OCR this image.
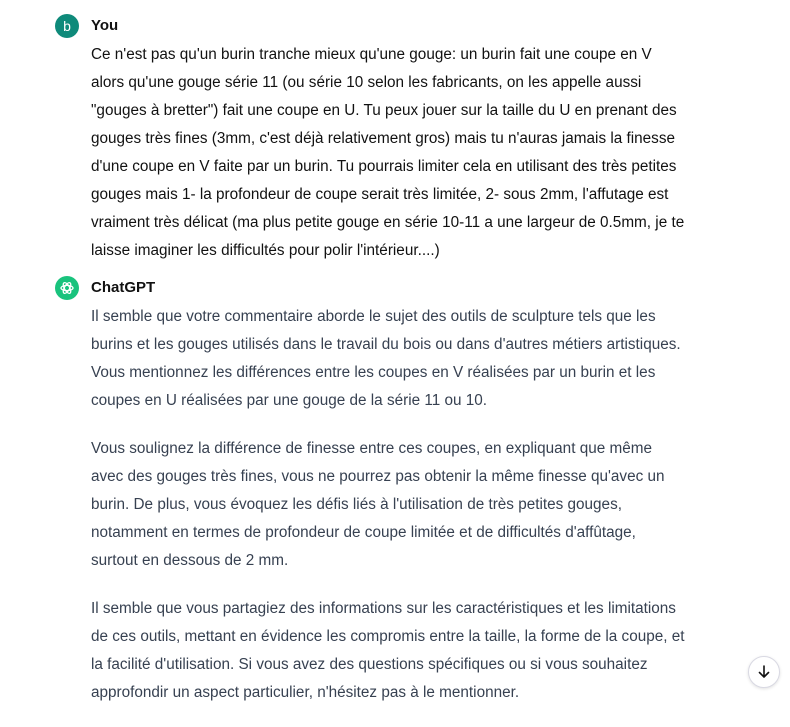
b	You
Ce n'est pas qu'un burin tranche mieux qu'une gouge: un burin fait une coupe en V
alors qu'une gouge série 11 (ou série 10 selon les fabricants, on les appelle aussi
"gouges à bretter") fait une coupe en U. Tu peux jouer sur la taille du U en prenant des
gouges très fines (3mm, c'est déjà relativement gros) mais tu n'auras jamais la finesse
d'une coupe en V faite par un burin. Tu pourrais limiter cela en utilisant des très petites
gouges mais 1- la profondeur de coupe serait très limitée, 2- sous 2mm, l'affutage est
vraiment très délicat (ma plus petite gouge en série 10-11 a une largeur de 0.5mm, je te
laisse imaginer les difficultés pour polir l'intérieur....)
ChatGPT
Il semble que votre commentaire aborde le sujet des outils de sculpture tels que les
burins et les gouges utilisés dans le travail du bois ou dans d'autres métiers artistiques.
Vous mentionnez les différences entre les coupes en V réalisées par un burin et les
coupes en U réalisées par une gouge de la série 11 ou 10.
Vous soulignez la différence de finesse entre ces coupes, en expliquant que même
avec des gouges très fines, vous ne pourrez pas obtenir la même finesse qu'avec un
burin. De plus, vous évoquez les défis liés à l'utilisation de très petites gouges,
notamment en termes de profondeur de coupe limitée et de difficultés d'affûtage,
surtout en dessous de 2 mm.
Il semble que vous partagiez des informations sur les caractéristiques et les limitations
de ces outils, mettant en évidence les compromis entre la taille, la forme de la coupe, et
la facilité d'utilisation. Si vous avez des questions spécifiques ou si vous souhaitez
approfondir un aspect particulier, n'hésitez pas à le mentionner.
